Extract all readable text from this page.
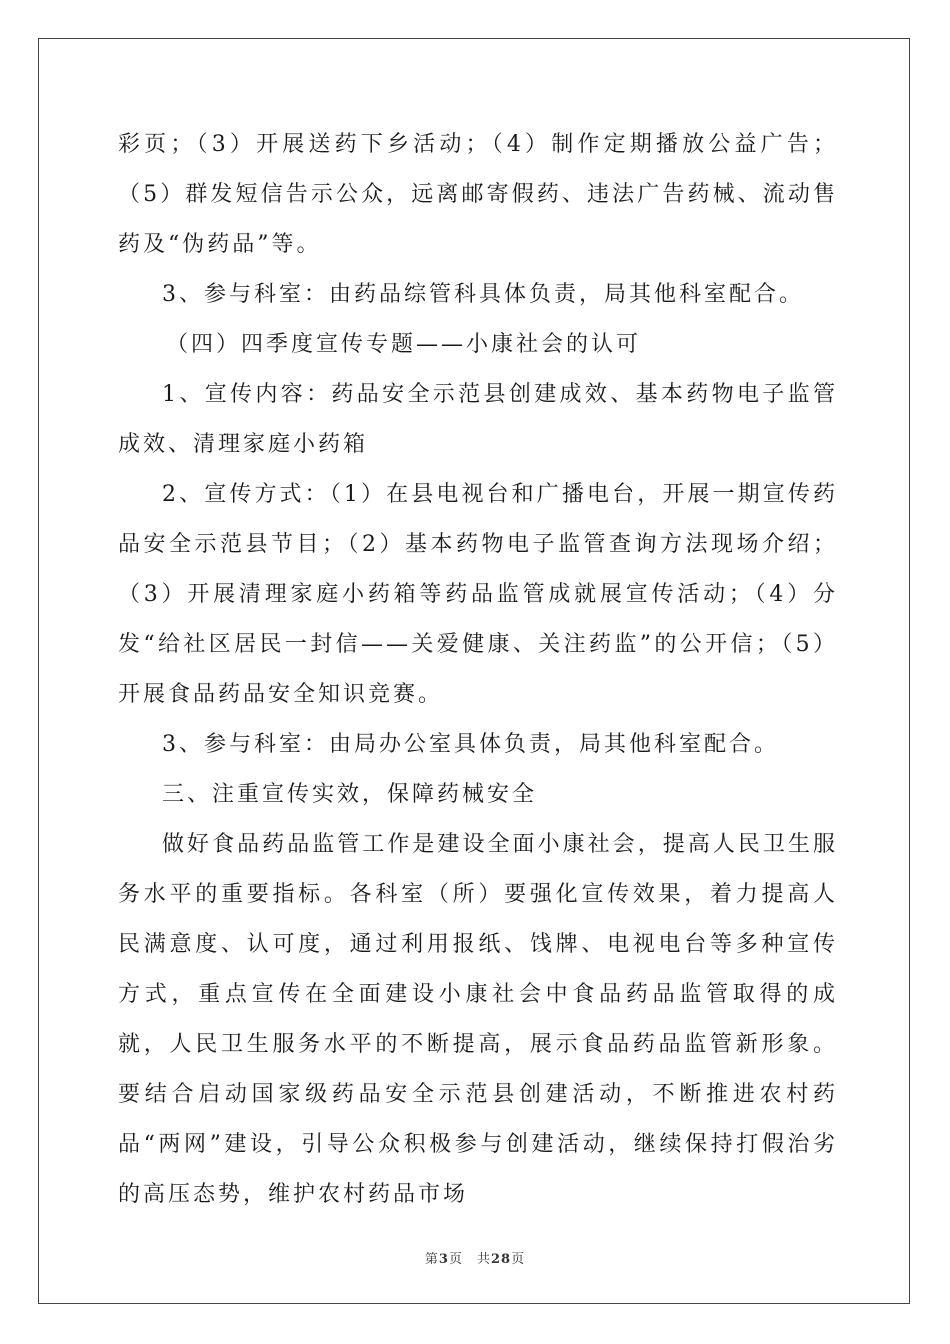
彩页；（3）开展送药下乡活动；（4）制作定期播放公益广告；（5）群发短信告示公众，远离邮寄假药、违法广告药械、流动售药及“伪药品”等。

3、参与科室：由药品综管科具体负责，局其他科室配合。

（四）四季度宣传专题——小康社会的认可

1、宣传内容：药品安全示范县创建成效、基本药物电子监管成效、清理家庭小药箱

2、宣传方式：（1）在县电视台和广播电台，开展一期宣传药品安全示范县节目；（2）基本药物电子监管查询方法现场介绍；（3）开展清理家庭小药箱等药品监管成就展宣传活动；（4）分发“给社区居民一封信——关爱健康、关注药监”的公开信；（5）开展食品药品安全知识竞赛。

3、参与科室：由局办公室具体负责，局其他科室配合。

三、注重宣传实效，保障药械安全

做好食品药品监管工作是建设全面小康社会，提高人民卫生服务水平的重要指标。各科室（所）要强化宣传效果，着力提高人民满意度、认可度，通过利用报纸、饯牌、电视电台等多种宣传方式，重点宣传在全面建设小康社会中食品药品监管取得的成就，人民卫生服务水平的不断提高，展示食品药品监管新形象。要结合启动国家级药品安全示范县创建活动，不断推进农村药品“两网”建设，引导公众积极参与创建活动，继续保持打假治劣的高压态势，维护农村药品市场

第3页　共28页
